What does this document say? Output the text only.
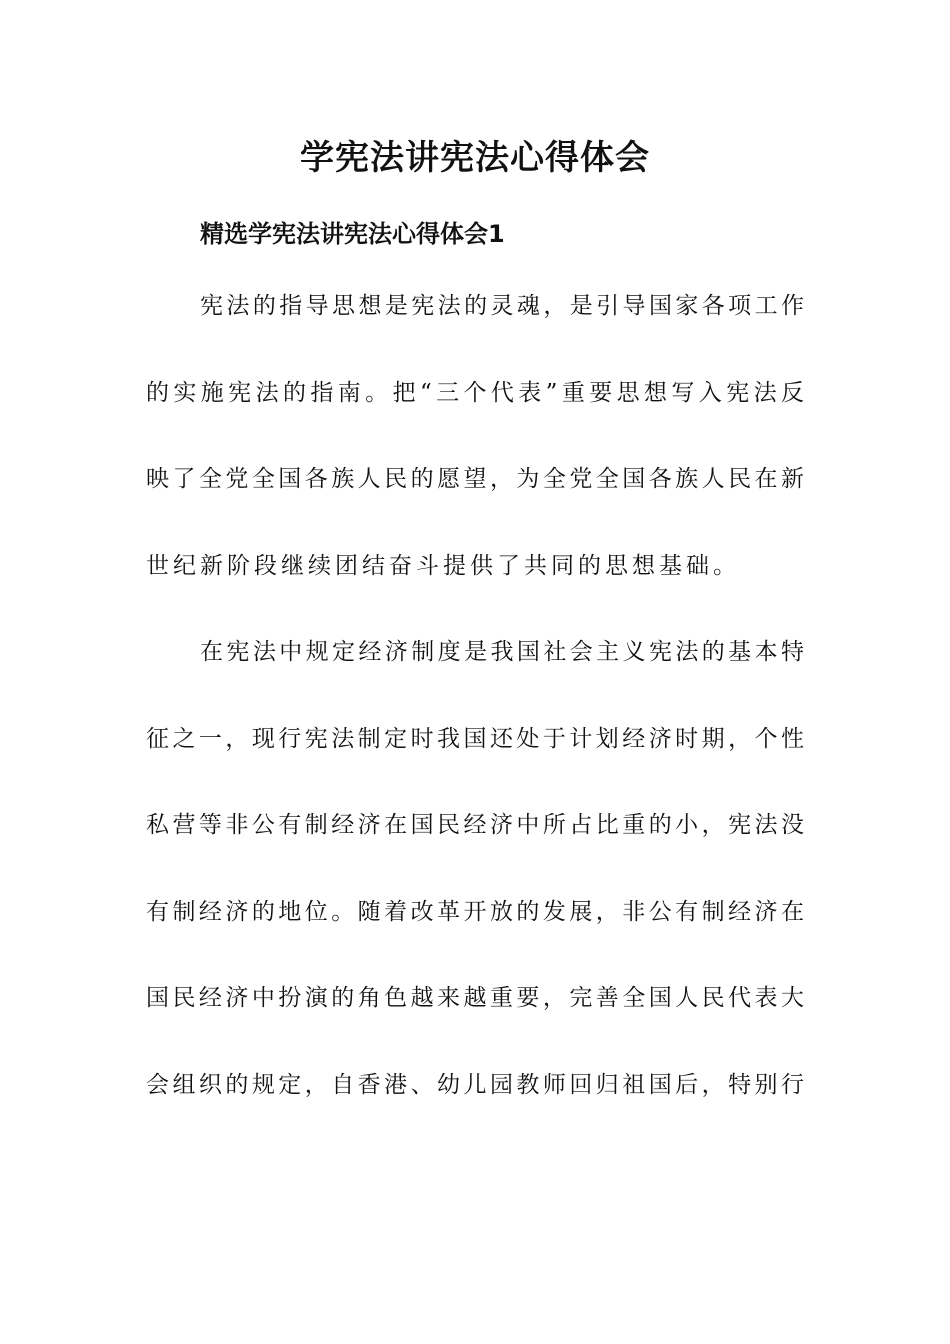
学宪法讲宪法心得体会
精选学宪法讲宪法心得体会1
宪法的指导思想是宪法的灵魂，是引导国家各项工作
的实施宪法的指南。把“三个代表”重要思想写入宪法反
映了全党全国各族人民的愿望，为全党全国各族人民在新
世纪新阶段继续团结奋斗提供了共同的思想基础。
在宪法中规定经济制度是我国社会主义宪法的基本特
征之一，现行宪法制定时我国还处于计划经济时期，个性
私营等非公有制经济在国民经济中所占比重的小，宪法没
有制经济的地位。随着改革开放的发展，非公有制经济在
国民经济中扮演的角色越来越重要，完善全国人民代表大
会组织的规定，自香港、幼儿园教师回归祖国后，特别行
